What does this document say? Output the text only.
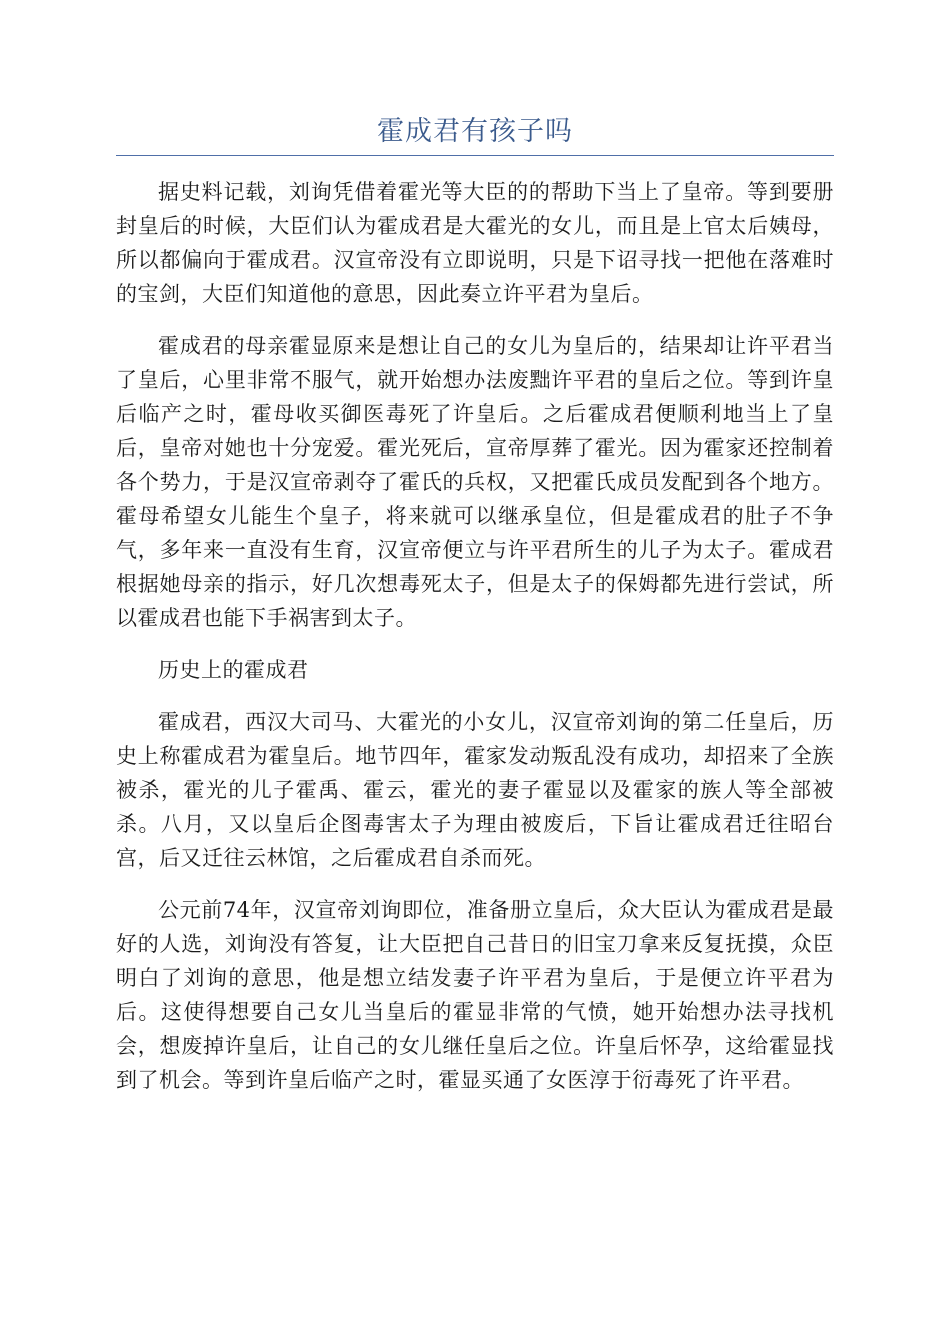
霍成君有孩子吗

据史料记载，刘询凭借着霍光等大臣的的帮助下当上了皇帝。等到要册封皇后的时候，大臣们认为霍成君是大霍光的女儿，而且是上官太后姨母，所以都偏向于霍成君。汉宣帝没有立即说明，只是下诏寻找一把他在落难时的宝剑，大臣们知道他的意思，因此奏立许平君为皇后。

霍成君的母亲霍显原来是想让自己的女儿为皇后的，结果却让许平君当了皇后，心里非常不服气，就开始想办法废黜许平君的皇后之位。等到许皇后临产之时，霍母收买御医毒死了许皇后。之后霍成君便顺利地当上了皇后，皇帝对她也十分宠爱。霍光死后，宣帝厚葬了霍光。因为霍家还控制着各个势力，于是汉宣帝剥夺了霍氏的兵权，又把霍氏成员发配到各个地方。霍母希望女儿能生个皇子，将来就可以继承皇位，但是霍成君的肚子不争气，多年来一直没有生育，汉宣帝便立与许平君所生的儿子为太子。霍成君根据她母亲的指示，好几次想毒死太子，但是太子的保姆都先进行尝试，所以霍成君也能下手祸害到太子。

历史上的霍成君

霍成君，西汉大司马、大霍光的小女儿，汉宣帝刘询的第二任皇后，历史上称霍成君为霍皇后。地节四年，霍家发动叛乱没有成功，却招来了全族被杀，霍光的儿子霍禹、霍云，霍光的妻子霍显以及霍家的族人等全部被杀。八月，又以皇后企图毒害太子为理由被废后，下旨让霍成君迁往昭台宫，后又迁往云林馆，之后霍成君自杀而死。

公元前74年，汉宣帝刘询即位，准备册立皇后，众大臣认为霍成君是最好的人选，刘询没有答复，让大臣把自己昔日的旧宝刀拿来反复抚摸，众臣明白了刘询的意思，他是想立结发妻子许平君为皇后，于是便立许平君为后。这使得想要自己女儿当皇后的霍显非常的气愤，她开始想办法寻找机会，想废掉许皇后，让自己的女儿继任皇后之位。许皇后怀孕，这给霍显找到了机会。等到许皇后临产之时，霍显买通了女医淳于衍毒死了许平君。
